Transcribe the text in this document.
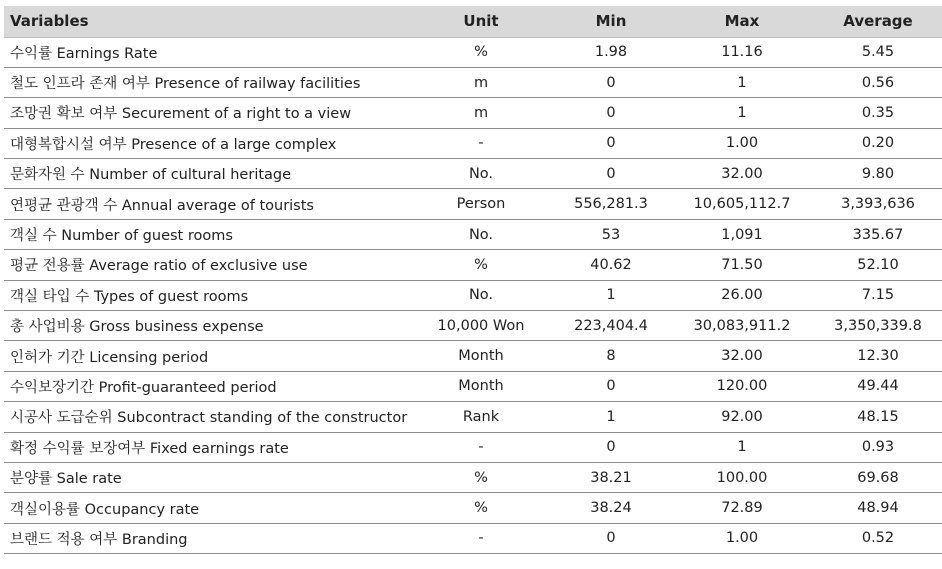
Variables	Unit	Min	Max	Average
수익률 Earnings Rate	%	1.98	11.16	5.45
철도 인프라 존재 여부 Presence of railway facilities	m	0	1	0.56
조망권 확보 여부 Securement of a right to a view	m	0	1	0.35
대형복합시설 여부 Presence of a large complex	-	0	1.00	0.20
문화자원 수 Number of cultural heritage	No.	0	32.00	9.80
연평균 관광객 수 Annual average of tourists	Person	556,281.3	10,605,112.7	3,393,636
객실 수 Number of guest rooms	No.	53	1,091	335.67
평균 전용률 Average ratio of exclusive use	%	40.62	71.50	52.10
객실 타입 수 Types of guest rooms	No.	1	26.00	7.15
총 사업비용 Gross business expense	10,000 Won	223,404.4	30,083,911.2	3,350,339.8
인허가 기간 Licensing period	Month	8	32.00	12.30
수익보장기간 Profit-guaranteed period	Month	0	120.00	49.44
시공사 도급순위 Subcontract standing of the constructor	Rank	1	92.00	48.15
확정 수익률 보장여부 Fixed earnings rate	-	0	1	0.93
분양률 Sale rate	%	38.21	100.00	69.68
객실이용률 Occupancy rate	%	38.24	72.89	48.94
브랜드 적용 여부 Branding	-	0	1.00	0.52
